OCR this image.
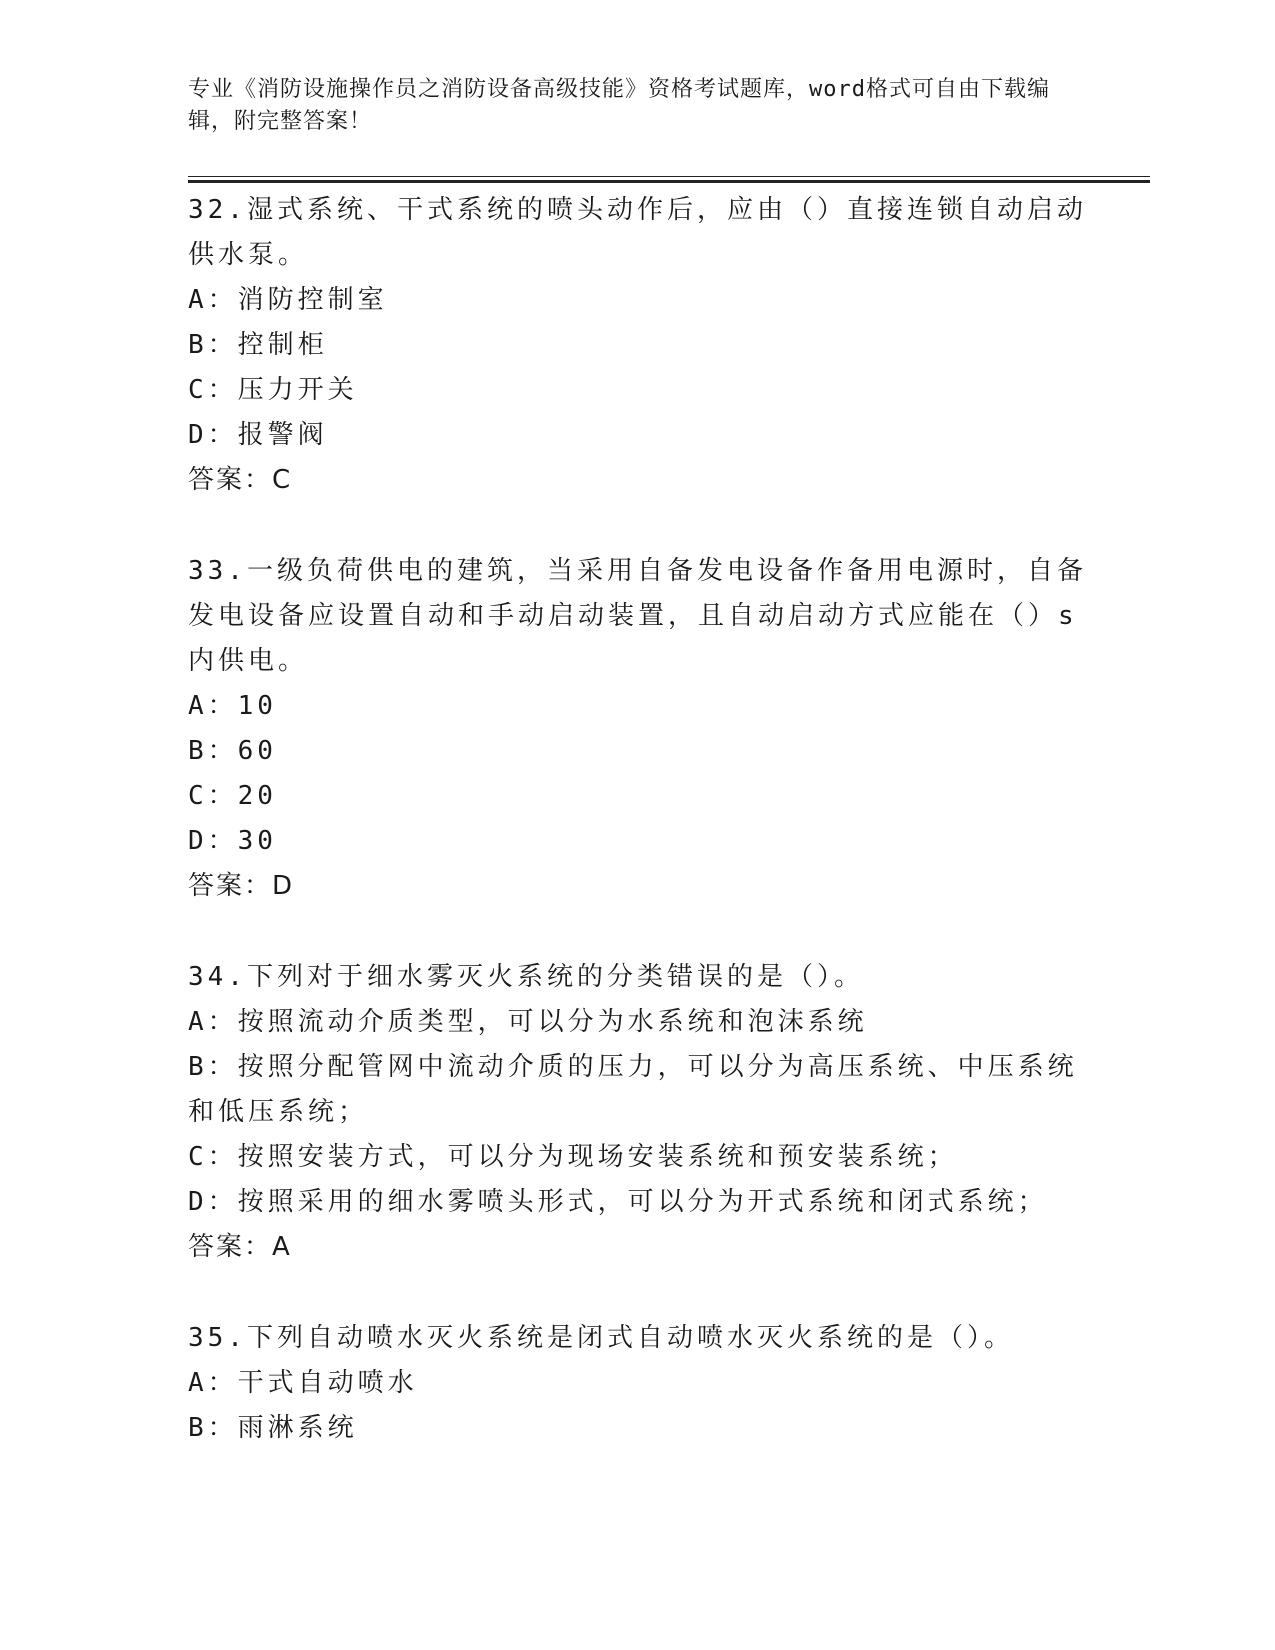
专业《消防设施操作员之消防设备高级技能》资格考试题库，word格式可自由下载编辑，附完整答案！

32.湿式系统、干式系统的喷头动作后，应由（）直接连锁自动启动供水泵。

A：消防控制室

B：控制柜

C：压力开关

D：报警阀

答案：C

33.一级负荷供电的建筑，当采用自备发电设备作备用电源时，自备发电设备应设置自动和手动启动装置，且自动启动方式应能在（）s内供电。

A：10

B：60

C：20

D：30

答案：D

34.下列对于细水雾灭火系统的分类错误的是（）。

A：按照流动介质类型，可以分为水系统和泡沫系统

B：按照分配管网中流动介质的压力，可以分为高压系统、中压系统和低压系统；

C：按照安装方式，可以分为现场安装系统和预安装系统；

D：按照采用的细水雾喷头形式，可以分为开式系统和闭式系统；

答案：A

35.下列自动喷水灭火系统是闭式自动喷水灭火系统的是（）。

A：干式自动喷水

B：雨淋系统
